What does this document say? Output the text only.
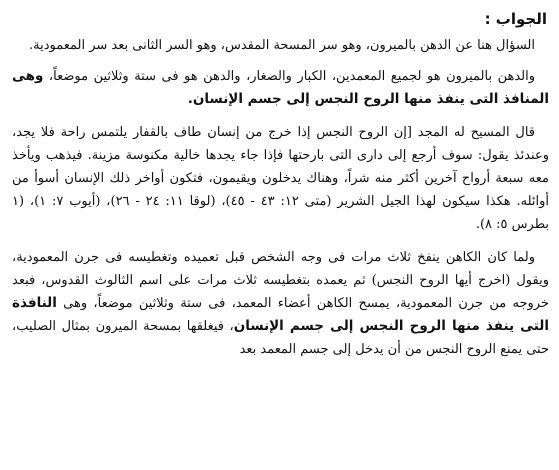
الجواب :

السؤال هنا عن الدهن بالميرون، وهو سر المسحة المقدس، وهو السر الثانى بعد سر المعمودية.

والدهن بالميرون هو لجميع المعمدين، الكبار والصغار، والدهن هو فى ستة وثلاثين موضعاً، وهى المنافذ التى ينفذ منها الروح النجس إلى جسم الإنسان.

قال المسيح له المجد [إن الروح النجس إذا خرج من إنسان طاف بالقفار يلتمس راحة فلا يجد، وعندئذ يقول: سوف أرجع إلى دارى التى بارحتها فإذا جاء يجدها خالية مكنوسة مزينة. فيذهب ويأخذ معه سبعة أرواح آخرين أكثر منه شراً، وهناك يدخلون ويقيمون، فتكون أواخر ذلك الإنسان أسوأ من أوائله. هكذا سيكون لهذا الجيل الشرير (متى ١٢: ٤٣ - ٤٥)، (لوقا ١١: ٢٤ - ٢٦)، (أيوب ٧: ١)، (١ بطرس ٥: ٨).

ولما كان الكاهن ينفخ ثلاث مرات فى وجه الشخص قبل تعميده وتغطيسه فى جرن المعمودية، ويقول (اخرج أيها الروح النجس) ثم يعمده بتغطيسه ثلاث مرات على اسم الثالوث القدوس، فبعد خروجه من جرن المعمودية، يمسح الكاهن أعضاء المعمد، فى ستة وثلاثين موضعاً، وهى النافذة التى ينفذ منها الروح النجس إلى جسم الإنسان، فيغلقها بمسحة الميرون بمثال الصليب، حتى يمنع الروح النجس من أن يدخل إلى جسم المعمد بعد
